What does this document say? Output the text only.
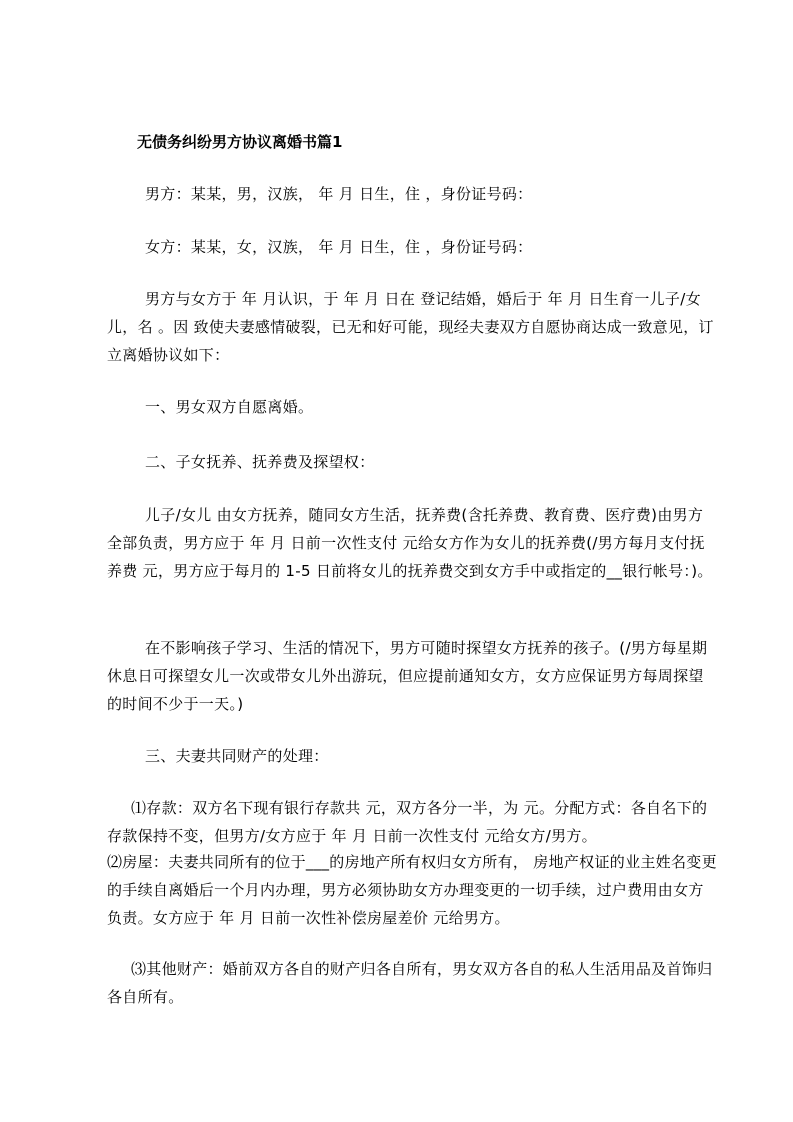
无债务纠纷男方协议离婚书篇1

男方：某某，男，汉族， 年 月 日生，住 ，身份证号码：

女方：某某，女，汉族， 年 月 日生，住 ，身份证号码：

男方与女方于 年 月认识，于 年 月 日在 登记结婚，婚后于 年 月 日生育一儿子/女儿，名 。因 致使夫妻感情破裂，已无和好可能，现经夫妻双方自愿协商达成一致意见，订立离婚协议如下：

一、男女双方自愿离婚。

二、子女抚养、抚养费及探望权：

儿子/女儿 由女方抚养，随同女方生活，抚养费(含托养费、教育费、医疗费)由男方全部负责，男方应于 年 月 日前一次性支付 元给女方作为女儿的抚养费(/男方每月支付抚养费 元，男方应于每月的 1-5 日前将女儿的抚养费交到女方手中或指定的__银行帐号：)。

在不影响孩子学习、生活的情况下，男方可随时探望女方抚养的孩子。(/男方每星期休息日可探望女儿一次或带女儿外出游玩，但应提前通知女方，女方应保证男方每周探望的时间不少于一天。)

三、夫妻共同财产的处理：

⑴存款：双方名下现有银行存款共 元，双方各分一半，为 元。分配方式：各自名下的存款保持不变，但男方/女方应于 年 月 日前一次性支付 元给女方/男方。

⑵房屋：夫妻共同所有的位于___的房地产所有权归女方所有， 房地产权证的业主姓名变更的手续自离婚后一个月内办理，男方必须协助女方办理变更的一切手续，过户费用由女方负责。女方应于 年 月 日前一次性补偿房屋差价 元给男方。

⑶其他财产：婚前双方各自的财产归各自所有，男女双方各自的私人生活用品及首饰归各自所有。
